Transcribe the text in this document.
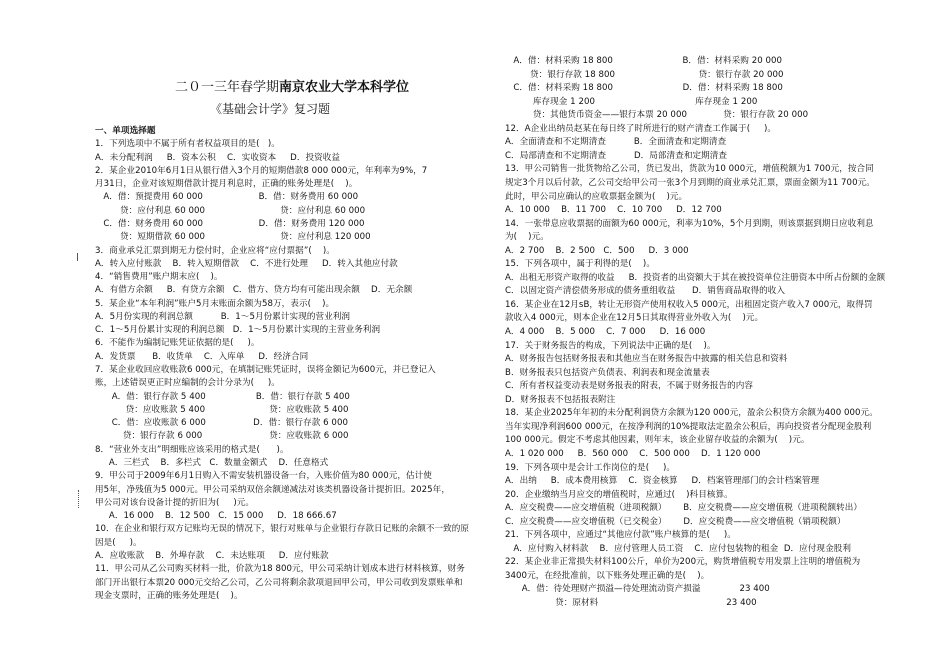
二０一三年春学期南京农业大学本科学位
《基础会计学》复习题
一、单项选择题
1．下列选项中不属于所有者权益项目的是(   )。
A．未分配利润     B．资本公积    C．实收资本     D．投资收益
2．某企业2010年6月1日从银行借入3个月的短期借款8 000 000元，年利率为9%，7
月31日，企业对该短期借款计提月利息时，正确的账务处理是(    )。
A．借：预提费用 60 000                    B．借：财务费用 60 000
贷：应付利息 60 000                           贷：应付利息 60 000
C．借：财务费用 60 000                    D．借：财务费用 120 000
贷：短期借款 60 000                           贷：应付利息 120 000
3．商业承兑汇票到期无力偿付时，企业应将“应付票据”(    )。
A．转入应付账款    B．转入短期借款    C．不进行处理     D．转入其他应付款
4．“销售费用”账户期末应(    )。
A．有借方余额     B．有贷方余额   C．借方、贷方均有可能出现余额    D．无余额
5．某企业“本年利润”账户5月末账面余额为58万，表示(    )。
A．5月份实现的利润总额          B．1～5月份累计实现的营业利润
C．1～5月份累计实现的利润总额   D．1～5月份累计实现的主营业务利润
6．不能作为编制记账凭证依据的是(     )。
A．发货票      B．收货单    C．入库单     D．经济合同
7．某企业收回应收账款6 000元，在填制记账凭证时，误将金额记为600元，并已登记入
账，上述错误更正时应编制的会计分录为(     )。
A．借：银行存款 5 400                  B．借：银行存款 5 400
贷：应收账款 5 400                       贷：应收账款 5 400
C．借：应收账款 6 000                 D．借：银行存款 6 000
贷：银行存款 6 000                        贷：应收账款 6 000
8．“营业外支出”明细账应该采用的格式是(      )。
A．三栏式    B．多栏式   C．数量金额式    D．任意格式
9．甲公司于2009年6月1日购入不需安装机器设备一台，入账价值为80 000元，估计使
用5年，净残值为5 000元。甲公司采纳双倍余额递减法对该类机器设备计提折旧。2025年，
甲公司对该台设备计提的折旧为(     )元。
A．16 000    B．12 500   C．15 000     D．18 666.67
10．在企业和银行双方记账均无误的情况下，银行对账单与企业银行存款日记账的余额不一致的原
因是(     )。
A．应收账款    B．外埠存款    C．未达账项     D．应付账款
11．甲公司从乙公司购买材料一批，价款为18 800元，甲公司采纳计划成本进行材料核算，财务
部门开出银行本票20 000元交给乙公司，乙公司将剩余款项退回甲公司，甲公司收到发票账单和
现金支票时，正确的账务处理是(    )。
A．借：材料采购 18 800                         B．借：材料采购 20 000
贷：银行存款 18 800                              贷：银行存款 20 000
C．借：材料采购 18 800                         D．借：材料采购 18 800
库存现金 1 200                                    库存现金 1 200
贷：其他货币资金——银行本票 20 000             贷：银行存款 20 000
12．A企业出纳员赵某在每日终了时所进行的财产清查工作属于(     )。
A．全面清查和不定期清查          B．全面清查和定期清查
C．局部清查和不定期清查          D．局部清查和定期清查
13．甲公司销售一批货物给乙公司，货已发出，货款为10 000元，增值税额为1 700元，按合同
规定3个月以后付款，乙公司交给甲公司一张3个月到期的商业承兑汇票，票面金额为11 700元。
此时，甲公司应确认的应收票据金额为(    )元。
A．10 000    B．11 700    C．10 700     D．12 700
14．一张带息应收票据的面额为60 000元，利率为10%，5个月到期，则该票据到期日应收利息
为(    )元。
A．2 700    B．2 500   C．500     D．3 000
15．下列各项中，属于利得的是(    )。
A．出租无形资产取得的收益     B．投资者的出资额大于其在被投资单位注册资本中所占份额的金额
C．以固定资产清偿债务形成的债务重组收益      D．销售商品取得的收入
16．某企业在12月sB，转让无形资产使用权收入5 000元，出租固定资产收入7 000元，取得罚
款收入4 000元，则本企业在12月5日其取得营业外收入为(    )元。
A．4 000    B．5 000    C．7 000     D．16 000
17．关于财务报告的构成，下列说法中正确的是(    )。
A．财务报告包括财务报表和其他应当在财务报告中披露的相关信息和资料
B．财务报表只包括资产负债表、利润表和现金流量表
C．所有者权益变动表是财务报表的附表，不属于财务报告的内容
D．财务报表不包括报表附注
18．某企业2025年年初的未分配利润贷方余额为120 000元，盈余公积贷方余额为400 000元。
当年实现净利润600 000元，在按净利润的10%提取法定盈余公积后，再向投资者分配现金股利
100 000元。假定不考虑其他因素，则年末，该企业留存收益的余额为(    )元。
A．1 020 000     B．560 000    C．500 000    D．1 120 000
19．下列各项中是会计工作岗位的是(     )。
A．出纳     B．成本费用核算    C．资金核算     D．档案管理部门的会计档案管理
20．企业缴纳当月应交的增值税时，应通过(    )科目核算。
A．应交税费——应交增值税（进项税额）      B．应交税费——应交增值税（进项税额转出）
C．应交税费——应交增值税（已交税金）      D．应交税费——应交增值税（销项税额）
21．下列各项中，应通过“其他应付款”账户核算的是(     )。
A．应付购入材料款    B．应付管理人员工资    C．应付包装物的租金  D．应付现金股利
22．某企业非正常损失材料100公斤，单价为200元，购货增值税专用发票上注明的增值税为
3400元，在经批准前，以下账务处理正确的是(    )。
A．借：待处理财产损溢—待处理流动资产损溢              23 400
贷：原材料                                              23 400
